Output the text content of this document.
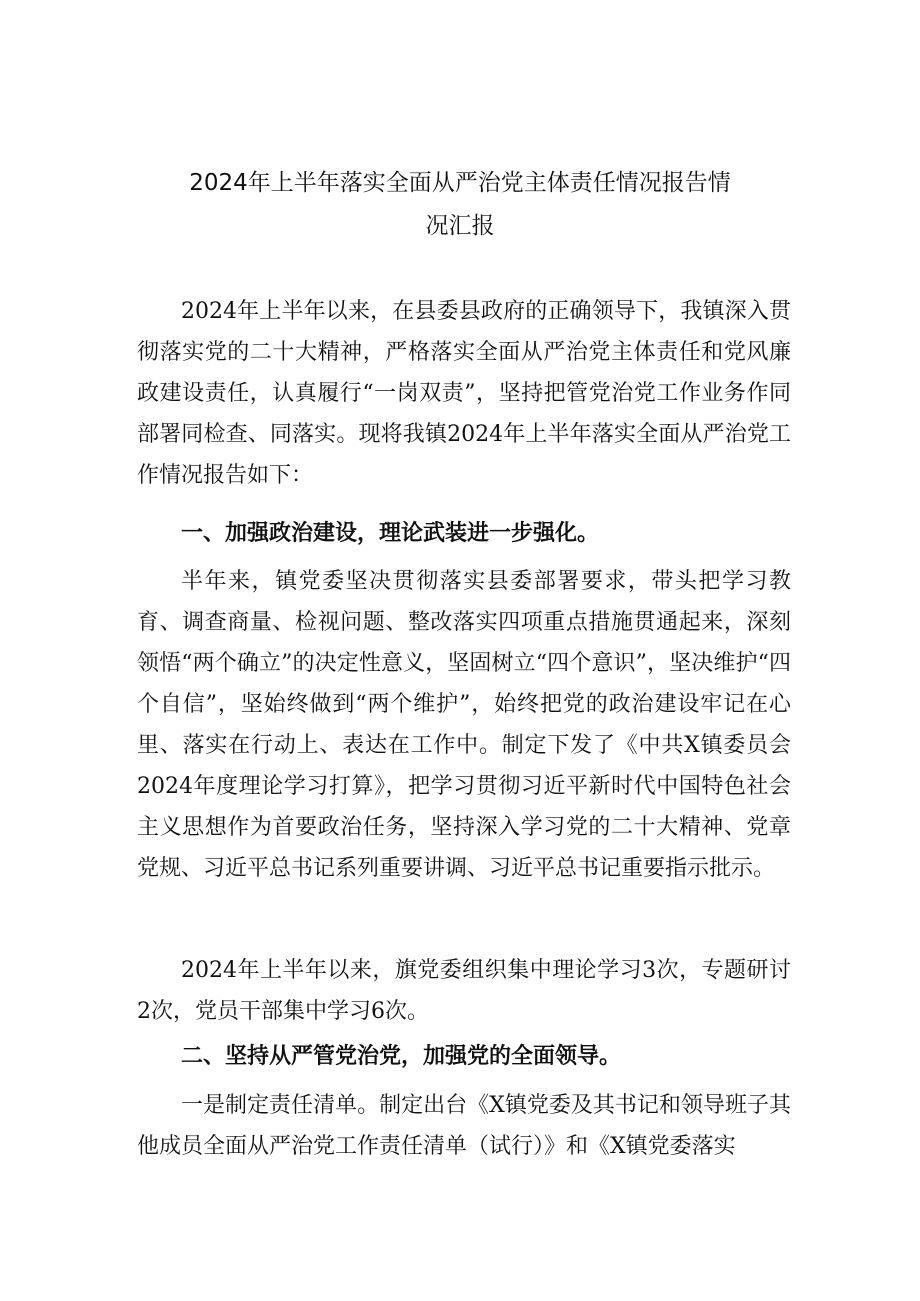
2024年上半年落实全面从严治党主体责任情况报告情
况汇报

2024年上半年以来，在县委县政府的正确领导下，我镇深入贯彻落实党的二十大精神，严格落实全面从严治党主体责任和党风廉政建设责任，认真履行“一岗双责”，坚持把管党治党工作业务作同部署同检查、同落实。现将我镇2024年上半年落实全面从严治党工作情况报告如下：

一、加强政治建设，理论武装进一步强化。

半年来，镇党委坚决贯彻落实县委部署要求，带头把学习教育、调查商量、检视问题、整改落实四项重点措施贯通起来，深刻领悟“两个确立”的决定性意义，坚固树立“四个意识”，坚决维护“四个自信”，坚始终做到“两个维护”，始终把党的政治建设牢记在心里、落实在行动上、表达在工作中。制定下发了《中共X镇委员会2024年度理论学习打算》，把学习贯彻习近平新时代中国特色社会主义思想作为首要政治任务，坚持深入学习党的二十大精神、党章党规、习近平总书记系列重要讲调、习近平总书记重要指示批示。

2024年上半年以来，旗党委组织集中理论学习3次，专题研讨2次，党员干部集中学习6次。

二、坚持从严管党治党，加强党的全面领导。

一是制定责任清单。制定出台《X镇党委及其书记和领导班子其他成员全面从严治党工作责任清单（试行）》和《X镇党委落实
